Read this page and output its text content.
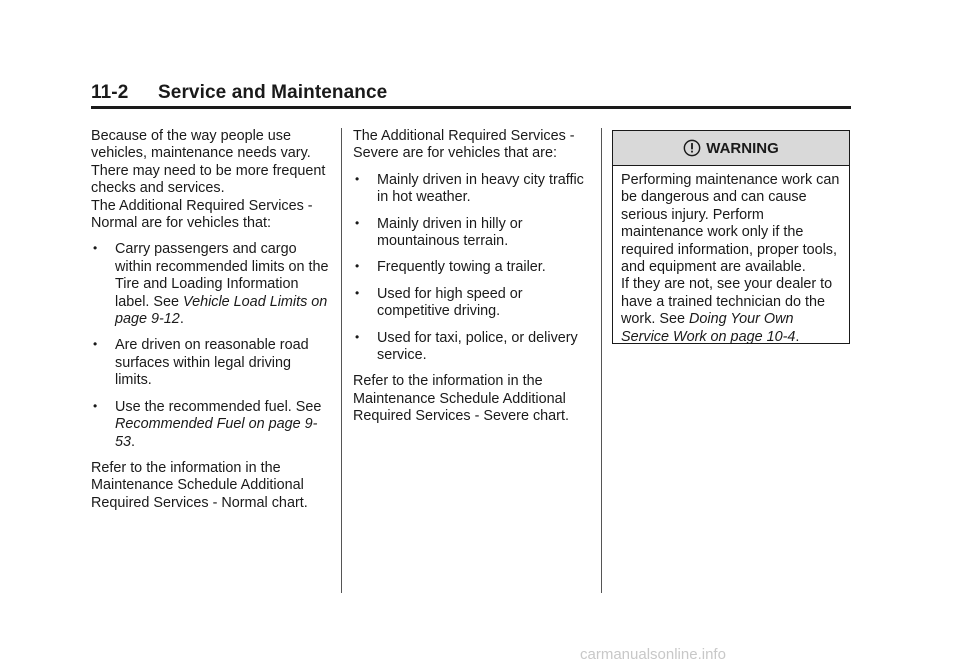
11-2 Service and Maintenance

Because of the way people use vehicles, maintenance needs vary. There may need to be more frequent checks and services.

The Additional Required Services - Normal are for vehicles that:

• Carry passengers and cargo within recommended limits on the Tire and Loading Information label. See Vehicle Load Limits on page 9-12.
• Are driven on reasonable road surfaces within legal driving limits.
• Use the recommended fuel. See Recommended Fuel on page 9-53.

Refer to the information in the Maintenance Schedule Additional Required Services - Normal chart.

The Additional Required Services - Severe are for vehicles that are:

• Mainly driven in heavy city traffic in hot weather.
• Mainly driven in hilly or mountainous terrain.
• Frequently towing a trailer.
• Used for high speed or competitive driving.
• Used for taxi, police, or delivery service.

Refer to the information in the Maintenance Schedule Additional Required Services - Severe chart.

WARNING

Performing maintenance work can be dangerous and can cause serious injury. Perform maintenance work only if the required information, proper tools, and equipment are available.

If they are not, see your dealer to have a trained technician do the work. See Doing Your Own Service Work on page 10-4.

carmanualsonline.info
